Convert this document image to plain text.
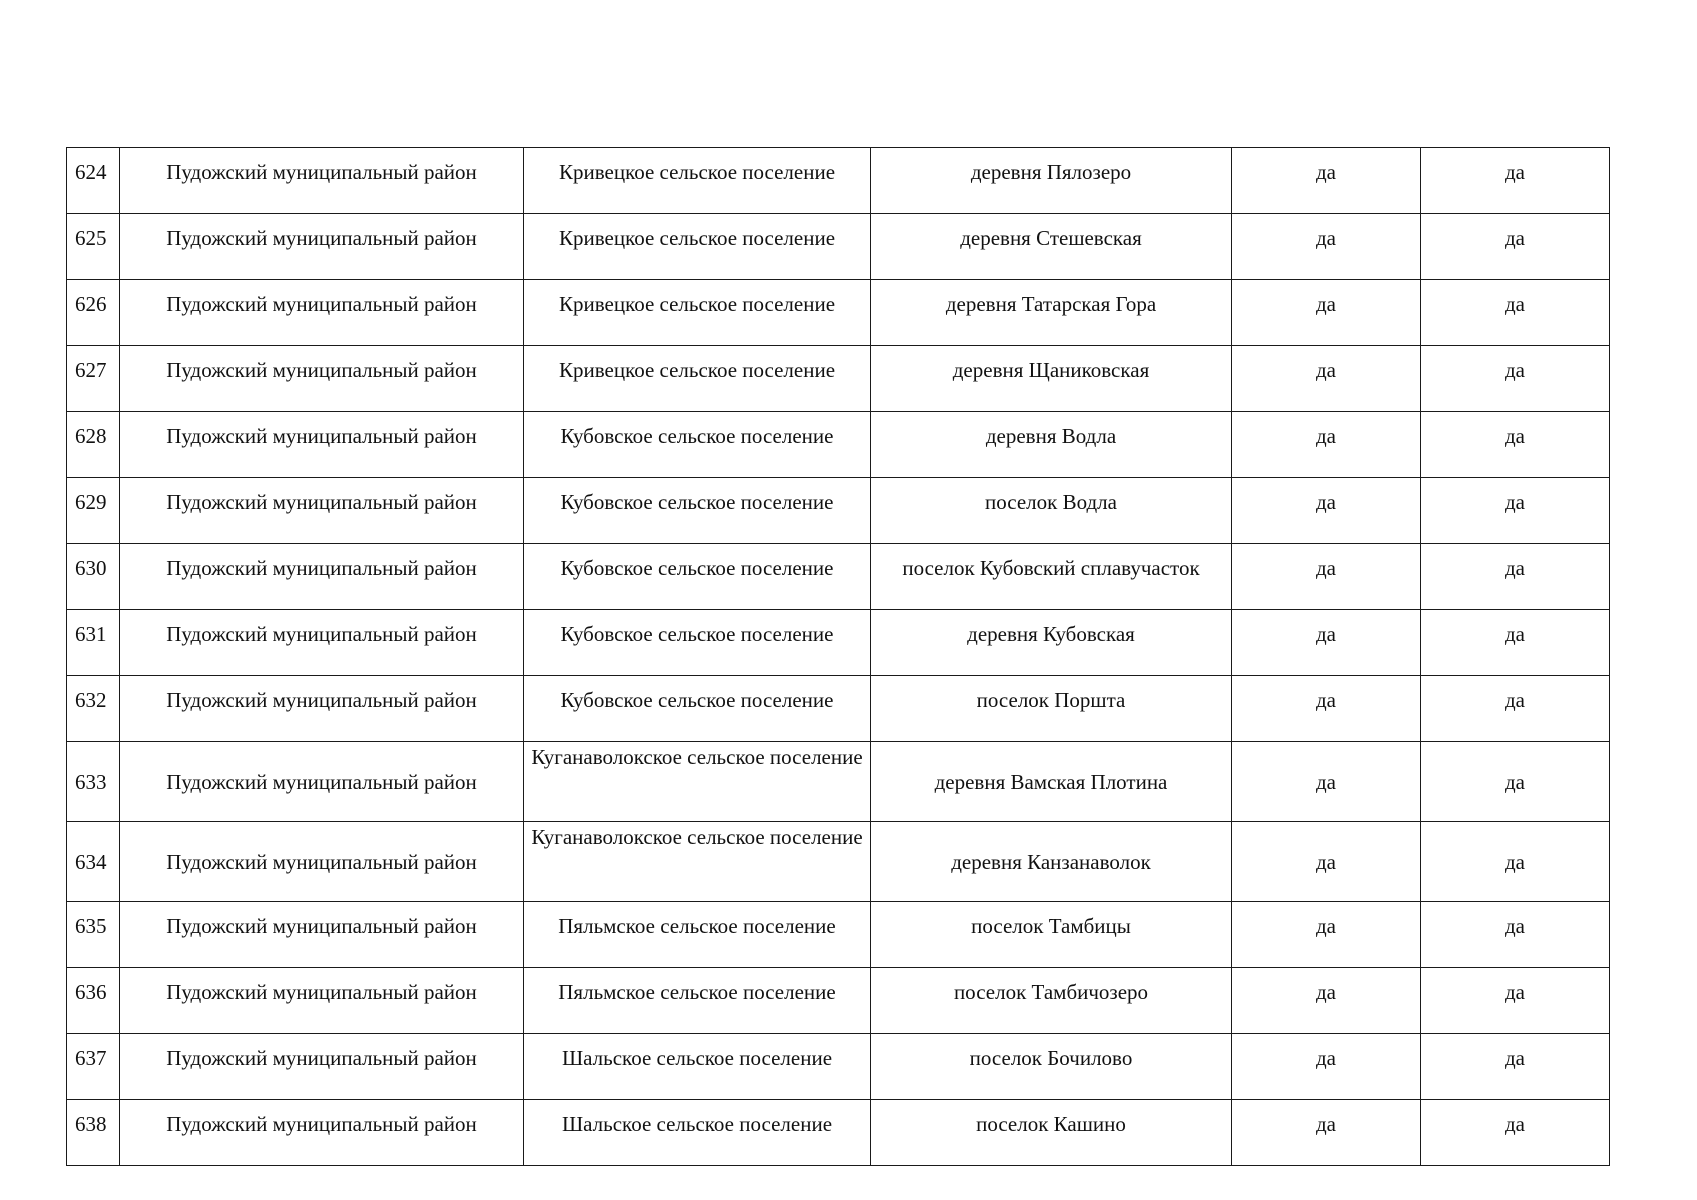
624	Пудожский муниципальный район	Кривецкое сельское поселение	деревня Пялозеро	да	да
625	Пудожский муниципальный район	Кривецкое сельское поселение	деревня Стешевская	да	да
626	Пудожский муниципальный район	Кривецкое сельское поселение	деревня Татарская Гора	да	да
627	Пудожский муниципальный район	Кривецкое сельское поселение	деревня Щаниковская	да	да
628	Пудожский муниципальный район	Кубовское сельское поселение	деревня Водла	да	да
629	Пудожский муниципальный район	Кубовское сельское поселение	поселок Водла	да	да
630	Пудожский муниципальный район	Кубовское сельское поселение	поселок Кубовский сплавучасток	да	да
631	Пудожский муниципальный район	Кубовское сельское поселение	деревня Кубовская	да	да
632	Пудожский муниципальный район	Кубовское сельское поселение	поселок Поршта	да	да
633	Пудожский муниципальный район	Куганаволокское сельское поселение	деревня Вамская Плотина	да	да
634	Пудожский муниципальный район	Куганаволокское сельское поселение	деревня Канзанаволок	да	да
635	Пудожский муниципальный район	Пяльмское сельское поселение	поселок Тамбицы	да	да
636	Пудожский муниципальный район	Пяльмское сельское поселение	поселок Тамбичозеро	да	да
637	Пудожский муниципальный район	Шальское сельское поселение	поселок Бочилово	да	да
638	Пудожский муниципальный район	Шальское сельское поселение	поселок Кашино	да	да
